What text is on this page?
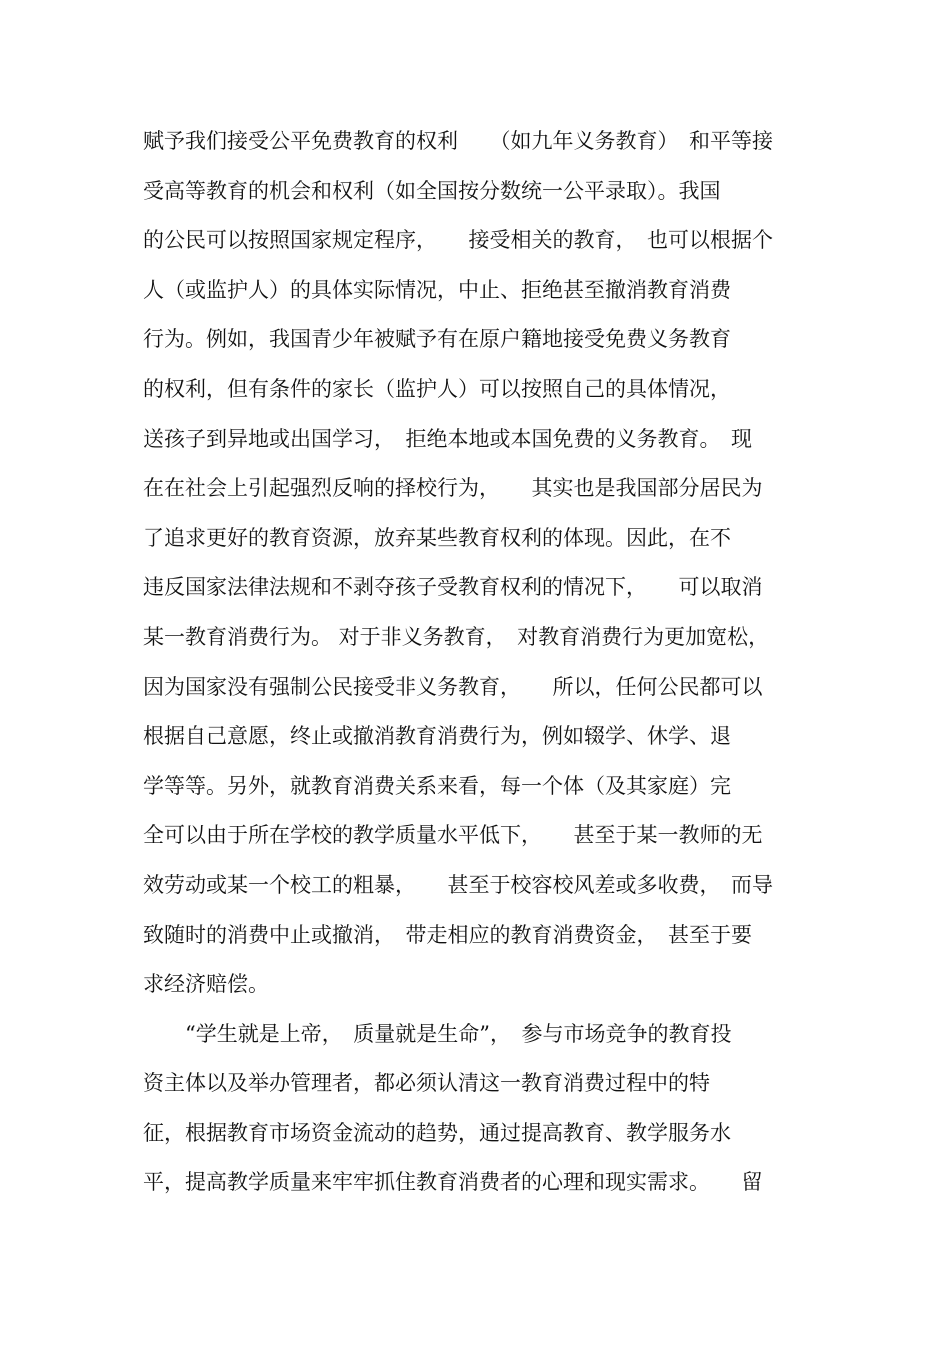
赋予我们接受公平免费教育的权利　　（如九年义务教育）　和平等接
受高等教育的机会和权利（如全国按分数统一公平录取）。我国
的公民可以按照国家规定程序，　　接受相关的教育，　也可以根据个
人（或监护人）的具体实际情况，中止、拒绝甚至撤消教育消费
行为。例如，我国青少年被赋予有在原户籍地接受免费义务教育
的权利，但有条件的家长（监护人）可以按照自己的具体情况，
送孩子到异地或出国学习，　拒绝本地或本国免费的义务教育。　现
在在社会上引起强烈反响的择校行为，　　其实也是我国部分居民为
了追求更好的教育资源，放弃某些教育权利的体现。因此，在不
违反国家法律法规和不剥夺孩子受教育权利的情况下，　　可以取消
某一教育消费行为。 对于非义务教育，　对教育消费行为更加宽松，
因为国家没有强制公民接受非义务教育，　　所以，任何公民都可以
根据自己意愿，终止或撤消教育消费行为，例如辍学、休学、退
学等等。另外，就教育消费关系来看，每一个体（及其家庭）完
全可以由于所在学校的教学质量水平低下，　　甚至于某一教师的无
效劳动或某一个校工的粗暴，　　甚至于校容校风差或多收费，　而导
致随时的消费中止或撤消，　带走相应的教育消费资金，　甚至于要
求经济赔偿。
　　“学生就是上帝，　质量就是生命”，　参与市场竞争的教育投
资主体以及举办管理者，都必须认清这一教育消费过程中的特
征，根据教育市场资金流动的趋势，通过提高教育、教学服务水
平，提高教学质量来牢牢抓住教育消费者的心理和现实需求。　　留
